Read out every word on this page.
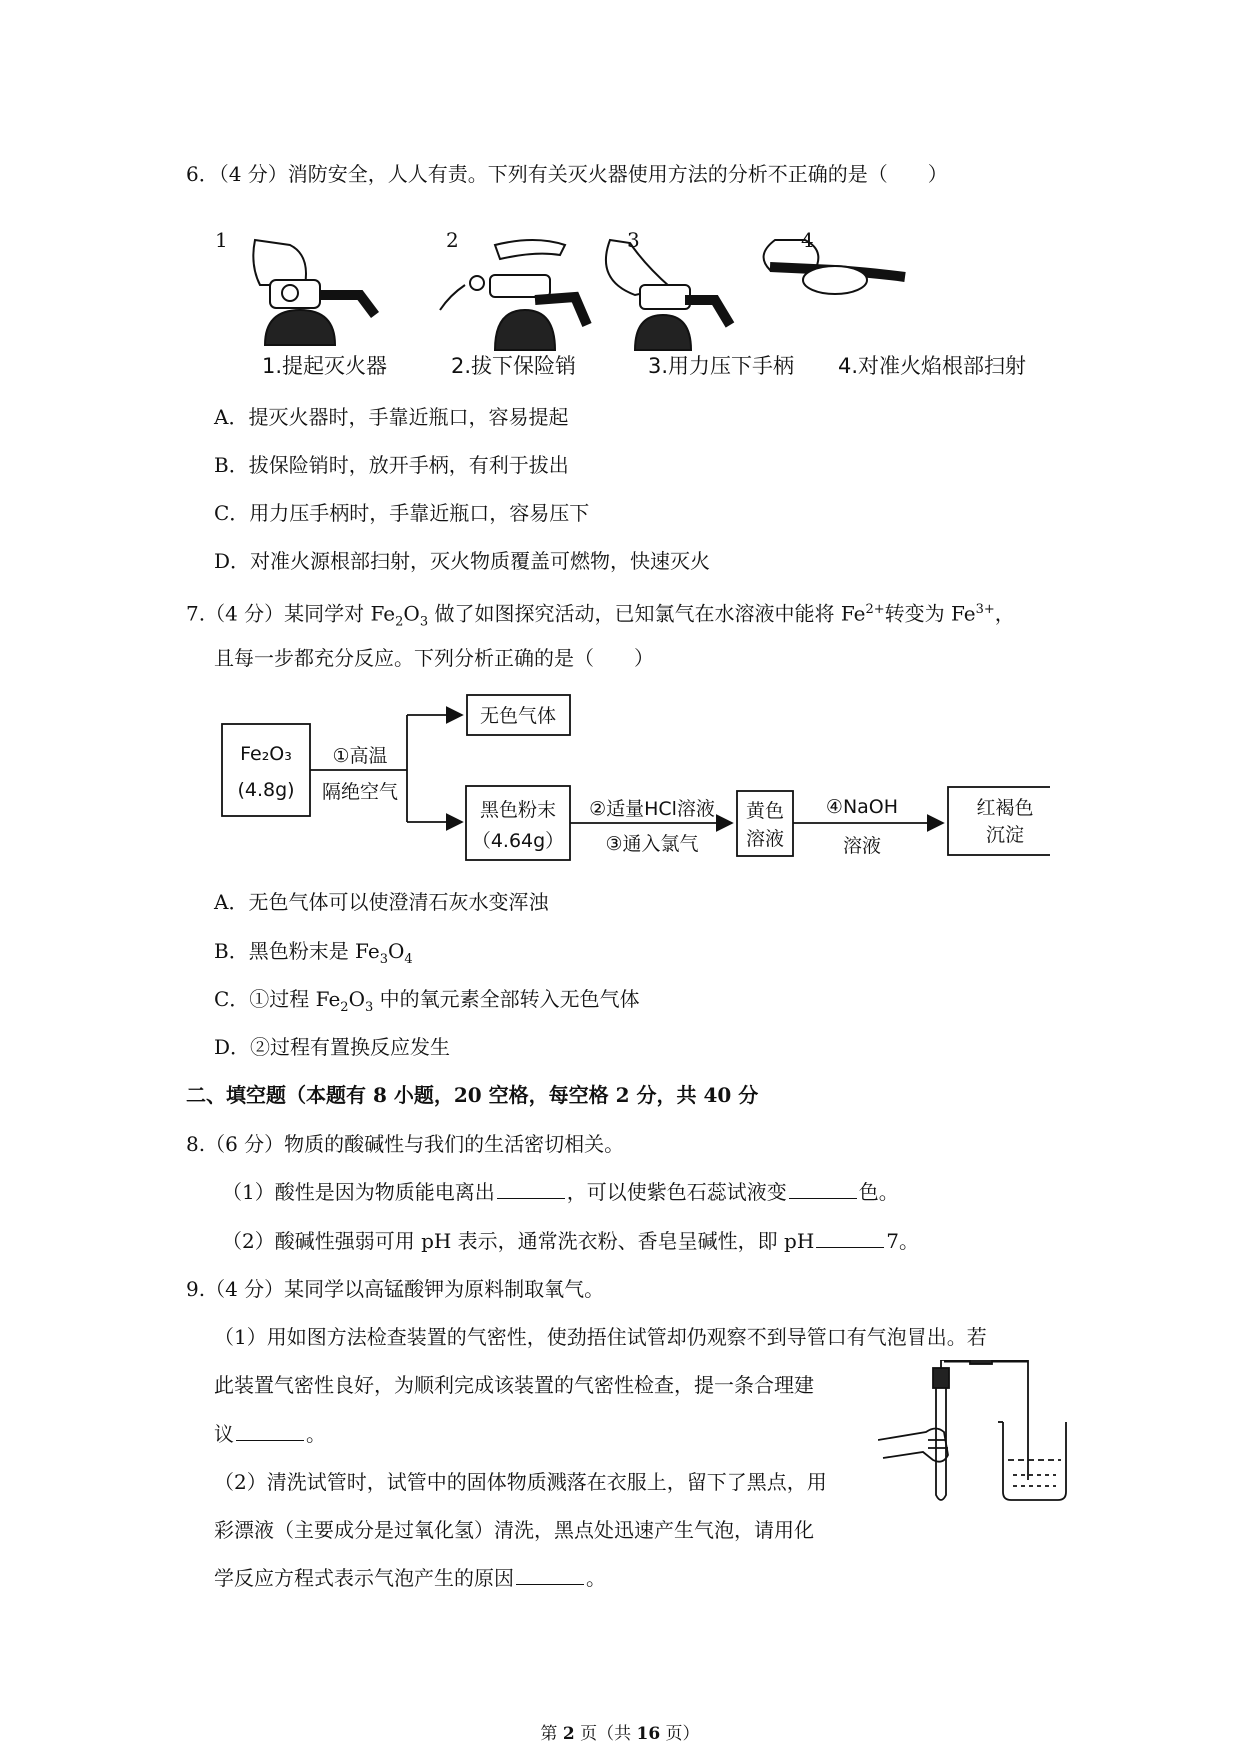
6．（4 分）消防安全，人人有责。下列有关灭火器使用方法的分析不正确的是（　　）
1	2	3	4
1.提起灭火器	2.拔下保险销	3.用力压下手柄 4.对准火焰根部扫射
A．提灭火器时，手靠近瓶口，容易提起
B．拔保险销时，放开手柄，有利于拔出
C．用力压手柄时，手靠近瓶口，容易压下
D．对准火源根部扫射，灭火物质覆盖可燃物，快速灭火
7.（4 分）某同学对 $Fe_2O_3$ 做了如图探究活动，已知氯气在水溶液中能将 $Fe^{2+}$转变为 $Fe^{3+}$，
且每一步都充分反应。下列分析正确的是（　　）
Fe₂O₃
(4.8g)
①高温
隔绝空气
无色气体
黑色粉末
（4.64g）
②适量HCl溶液
③通入氯气
黄色
溶液
④NaOH
溶液
红褐色
沉淀
A．无色气体可以使澄清石灰水变浑浊
B．黑色粉末是 $Fe_3O_4$
C．①过程 $Fe_2O_3$ 中的氧元素全部转入无色气体
D．②过程有置换反应发生
二、填空题（本题有 8 小题，20 空格，每空格 2 分，共 40 分
8.（6 分）物质的酸碱性与我们的生活密切相关。
（1）酸性是因为物质能电离出	，可以使紫色石蕊试液变	色。
（2）酸碱性强弱可用 pH 表示，通常洗衣粉、香皂呈碱性，即 pH	7。
9.（4 分）某同学以高锰酸钾为原料制取氧气。
（1）用如图方法检查装置的气密性，使劲捂住试管却仍观察不到导管口有气泡冒出。若
此装置气密性良好，为顺利完成该装置的气密性检查，提一条合理建
议	。
（2）清洗试管时，试管中的固体物质溅落在衣服上，留下了黑点，用
彩漂液（主要成分是过氧化氢）清洗，黑点处迅速产生气泡，请用化
学反应方程式表示气泡产生的原因	。
第 2 页（共 16 页）
